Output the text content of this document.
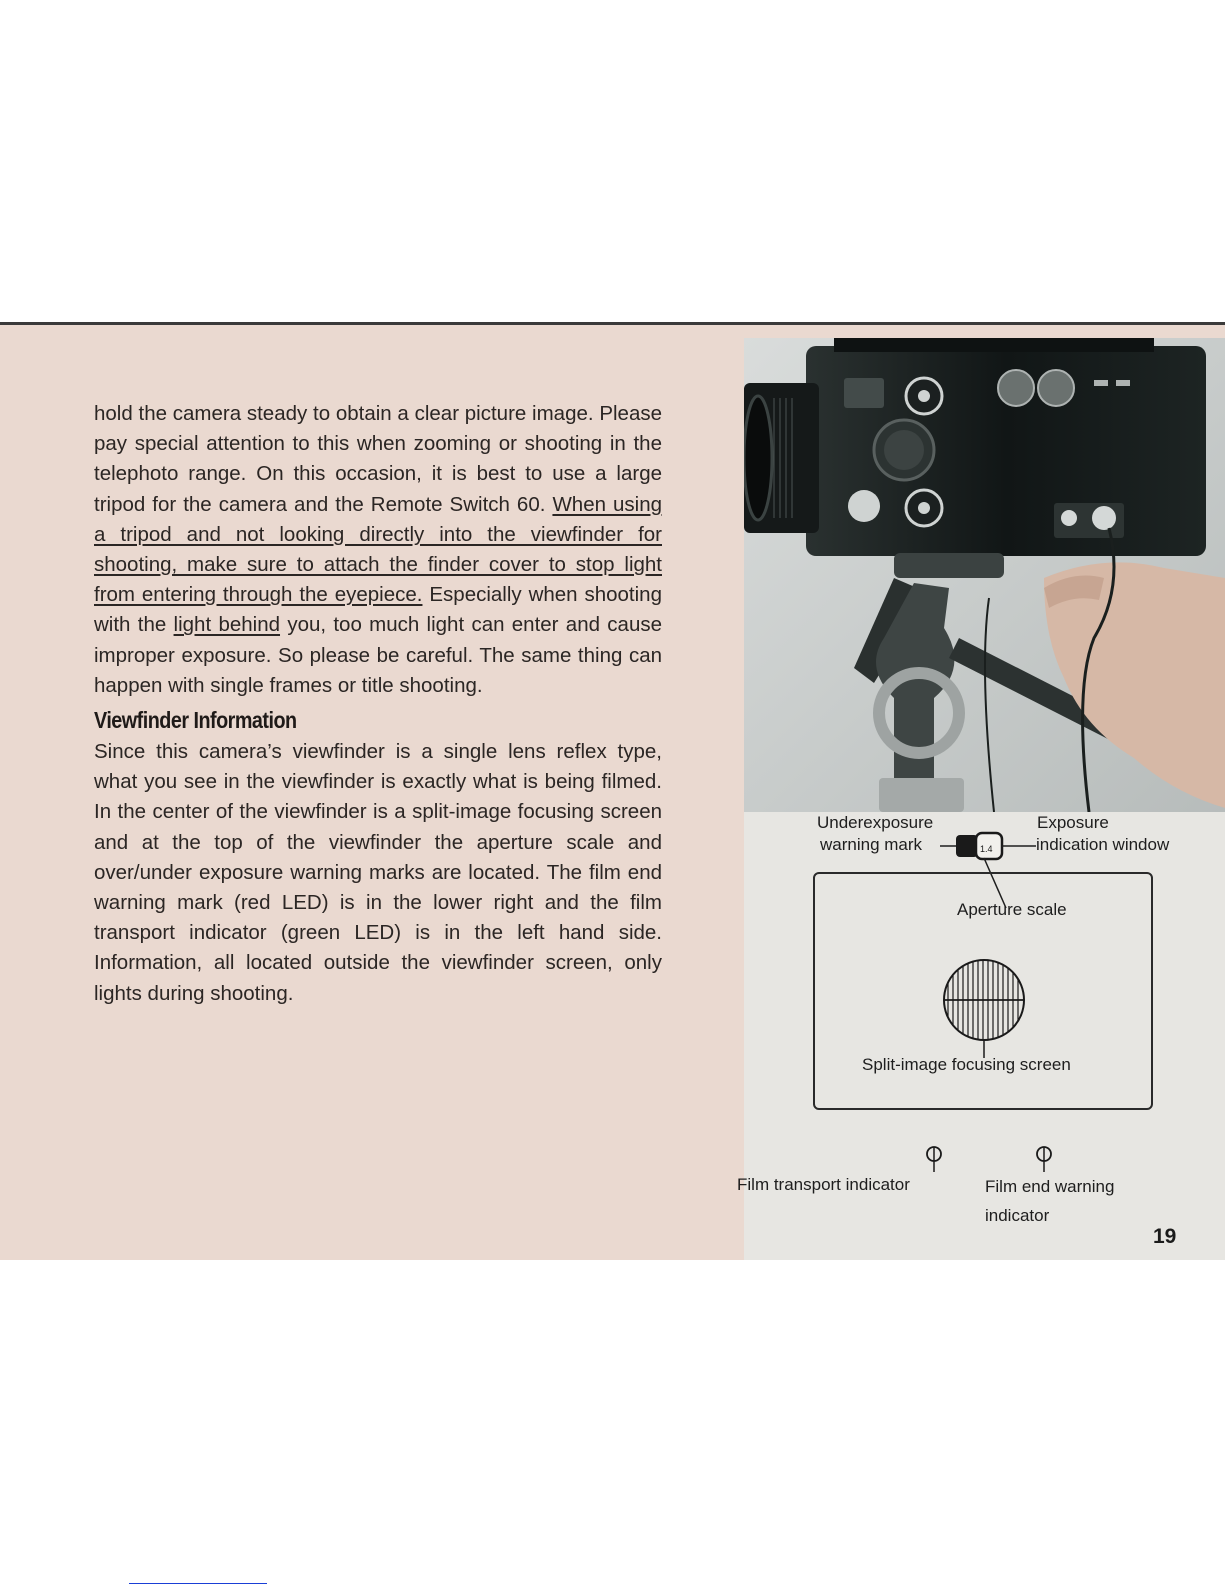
hold the camera steady to obtain a clear picture image. Please pay special attention to this when zooming or shooting in the telephoto range. On this occasion, it is best to use a large tripod for the camera and the Remote Switch 60. When using a tripod and not looking directly into the viewfinder for shooting, make sure to attach the finder cover to stop light from entering through the eyepiece. Especially when shooting with the light behind you, too much light can enter and cause improper exposure. So please be careful. The same thing can happen with single frames or title shooting.

Viewfinder Information

Since this camera’s viewfinder is a single lens reflex type, what you see in the viewfinder is exactly what is being filmed. In the center of the viewfinder is a split-image focusing screen and at the top of the viewfinder the aperture scale and over/under exposure warning marks are located. The film end warning mark (red LED) is in the lower right and the film transport indicator (green LED) is in the left hand side. Information, all located outside the viewfinder screen, only lights during shooting.

Underexposure
warning mark
Exposure
indication window
1.4
Aperture scale
Split-image focusing screen
Film transport indicator	Film end warning
indicator
19
